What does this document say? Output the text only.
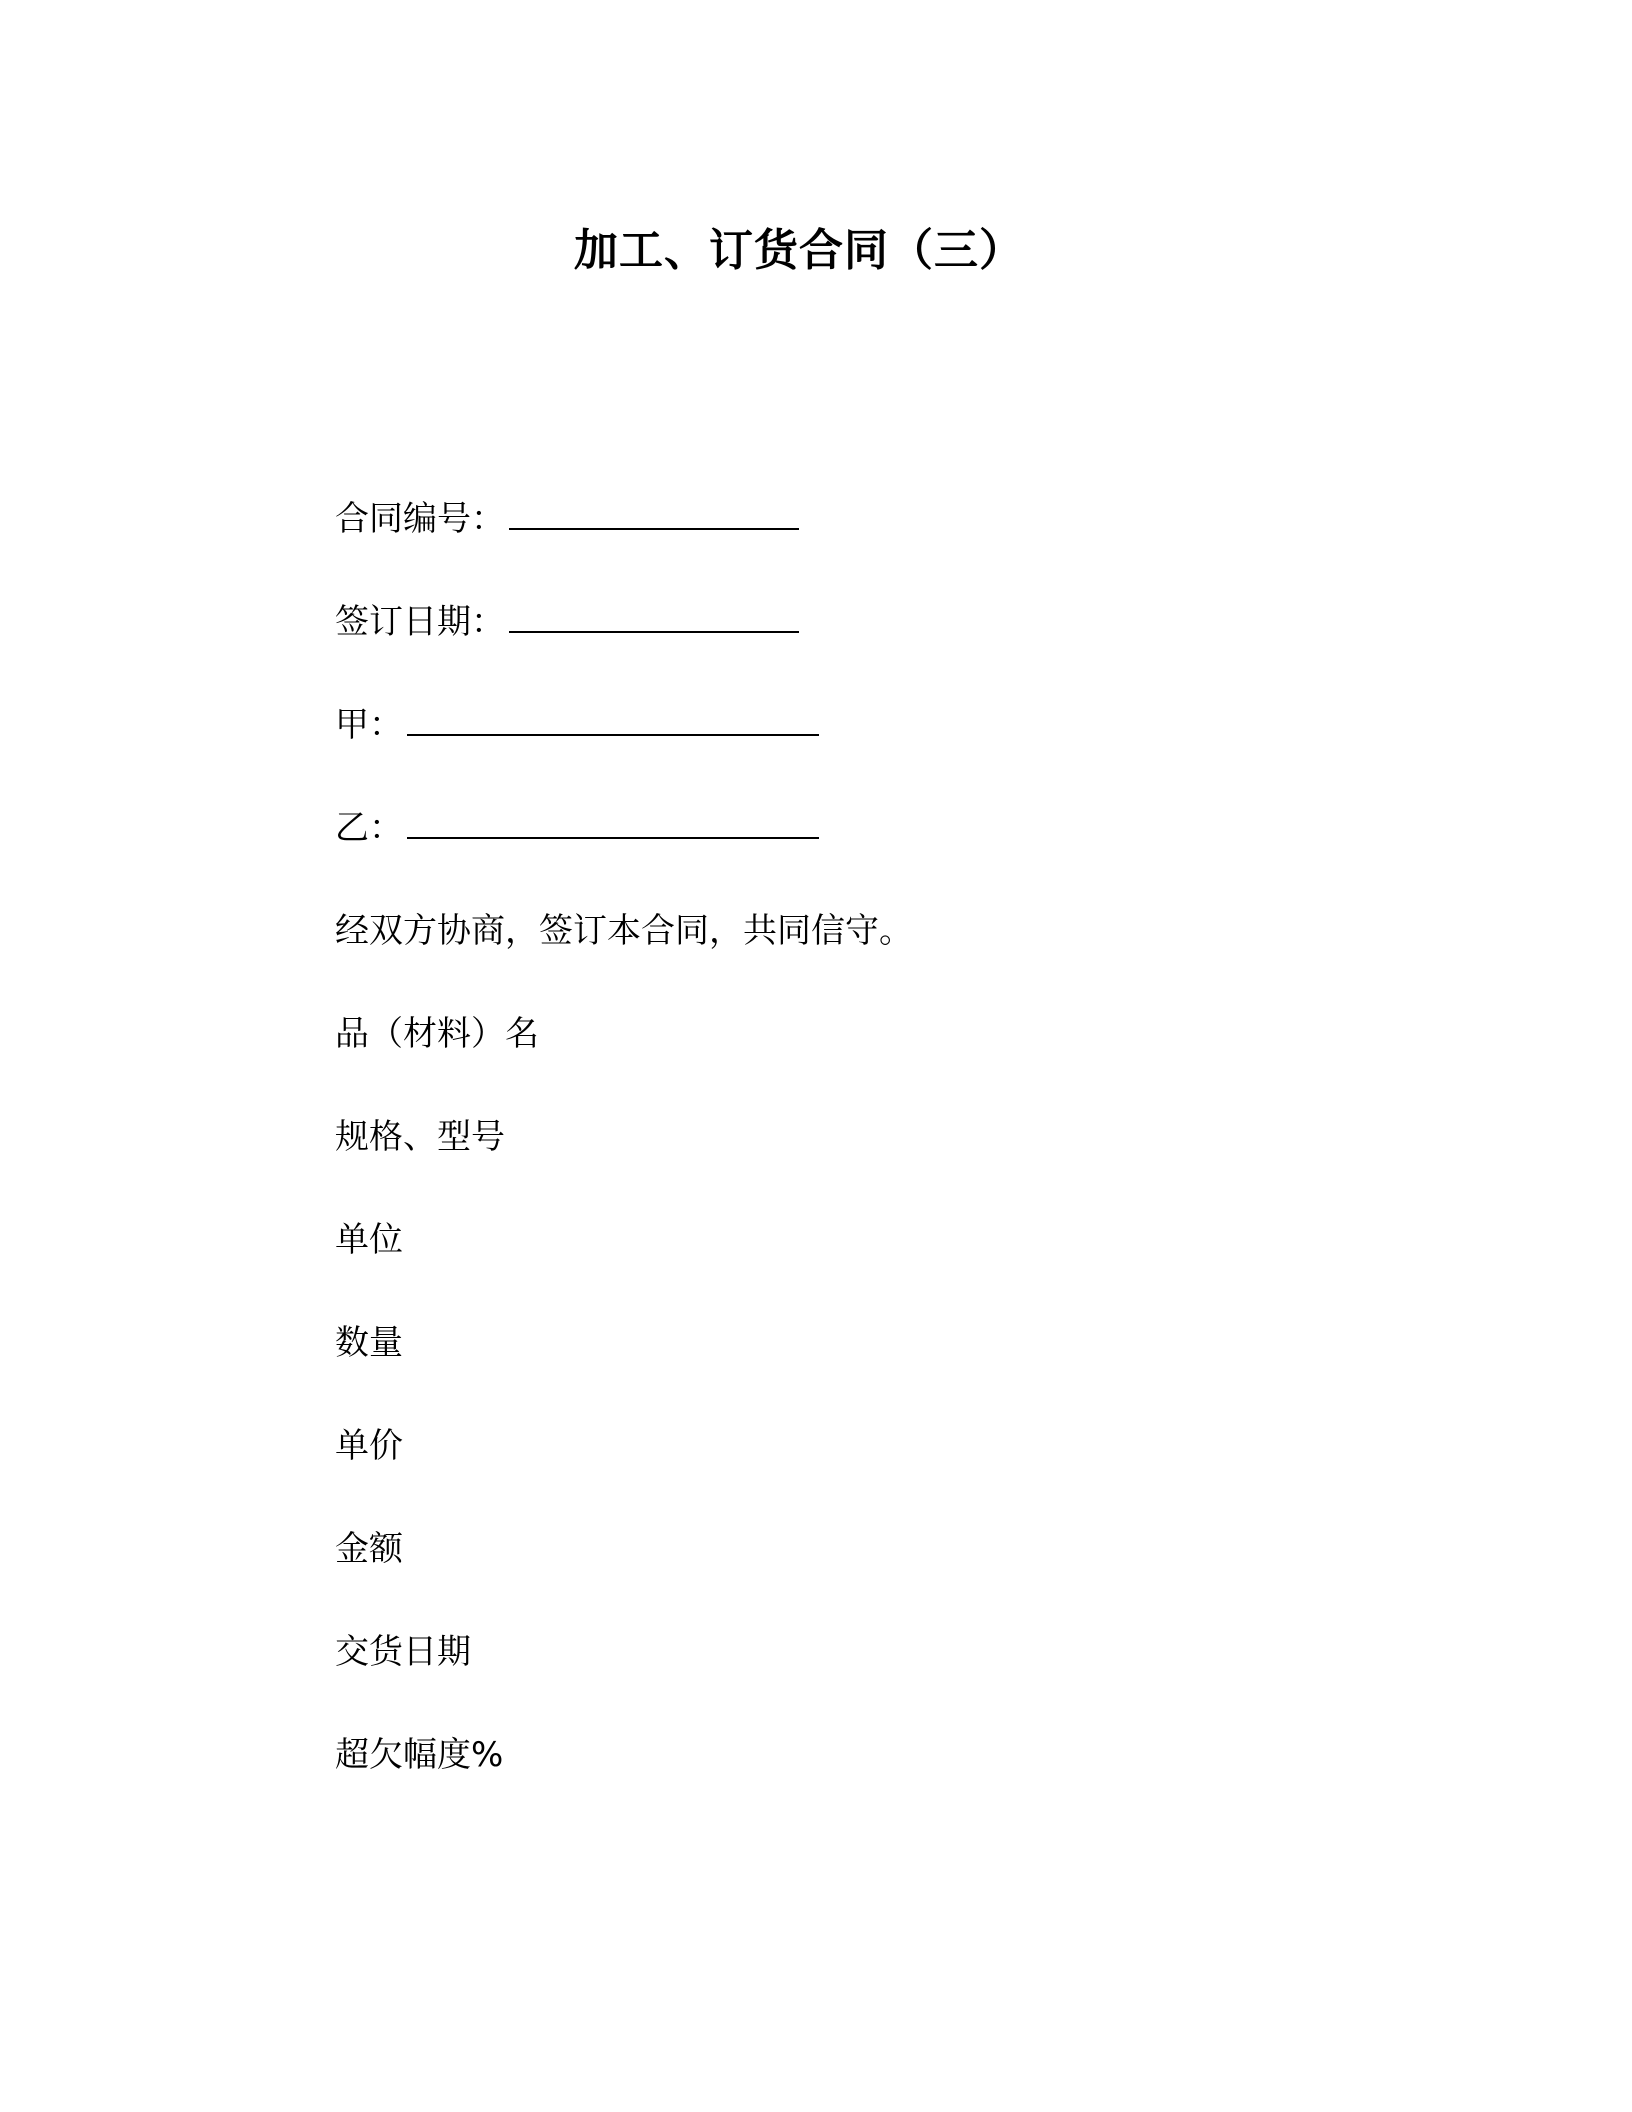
加工、订货合同（三）
合同编号：
签订日期：
甲：
乙：
经双方协商，签订本合同，共同信守。
品（材料）名
规格、型号
单位
数量
单价
金额
交货日期
超欠幅度%
